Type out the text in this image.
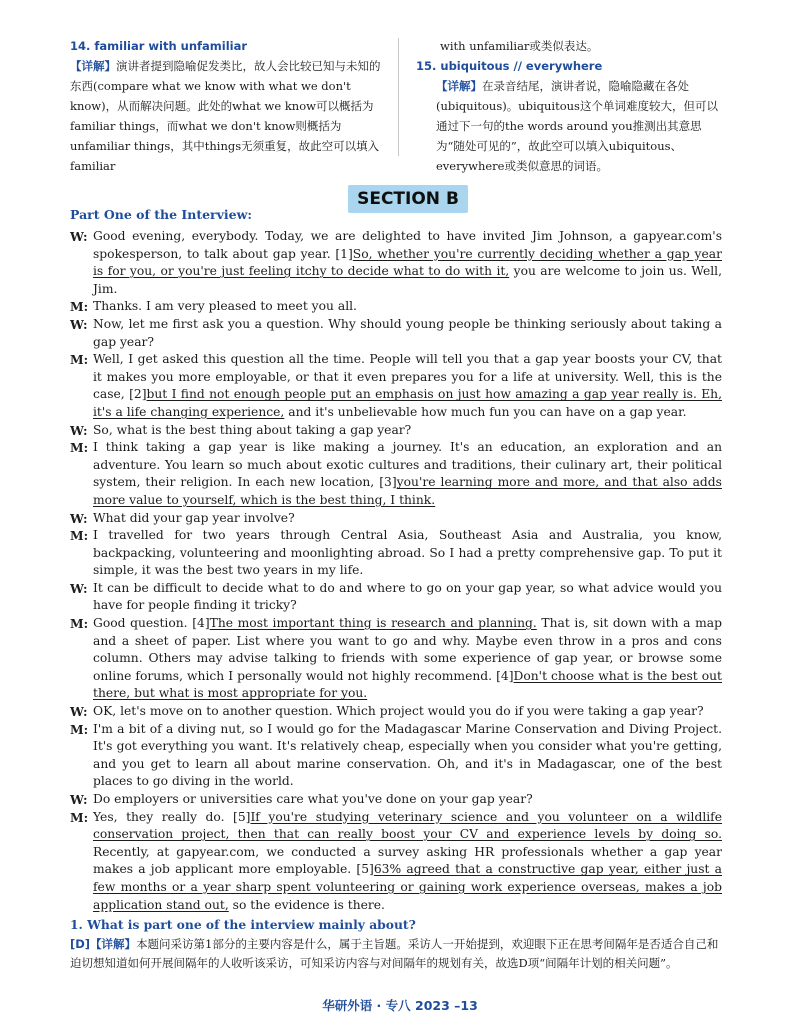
14. familiar with unfamiliar
【详解】演讲者提到隐喻促发类比，故人会比较已知与未知的东西(compare what we know with what we don't know)，从而解决问题。此处的what we know可以概括为familiar things，而what we don't know则概括为unfamiliar things，其中things无须重复，故此空可以填入familiar
with unfamiliar或类似表达。
15. ubiquitous // everywhere
【详解】在录音结尾，演讲者说，隐喻隐藏在各处(ubiquitous)。ubiquitous这个单词难度较大，但可以通过下一句的the words around you推测出其意思为“随处可见的”，故此空可以填入ubiquitous、everywhere或类似意思的词语。
SECTION B
Part One of the Interview:

W: Good evening, everybody. Today, we are delighted to have invited Jim Johnson, a gapyear.com's spokesperson, to talk about gap year. [1]So, whether you're currently deciding whether a gap year is for you, or you're just feeling itchy to decide what to do with it, you are welcome to join us. Well, Jim.

M: Thanks. I am very pleased to meet you all.

W: Now, let me first ask you a question. Why should young people be thinking seriously about taking a gap year?

M: Well, I get asked this question all the time. People will tell you that a gap year boosts your CV, that it makes you more employable, or that it even prepares you for a life at university. Well, this is the case, [2]but I find not enough people put an emphasis on just how amazing a gap year really is. Eh, it's a life changing experience, and it's unbelievable how much fun you can have on a gap year.

W: So, what is the best thing about taking a gap year?

M: I think taking a gap year is like making a journey. It's an education, an exploration and an adventure. You learn so much about exotic cultures and traditions, their culinary art, their political system, their religion. In each new location, [3]you're learning more and more, and that also adds more value to yourself, which is the best thing, I think.

W: What did your gap year involve?

M: I travelled for two years through Central Asia, Southeast Asia and Australia, you know, backpacking, volunteering and moonlighting abroad. So I had a pretty comprehensive gap. To put it simple, it was the best two years in my life.

W: It can be difficult to decide what to do and where to go on your gap year, so what advice would you have for people finding it tricky?

M: Good question. [4]The most important thing is research and planning. That is, sit down with a map and a sheet of paper. List where you want to go and why. Maybe even throw in a pros and cons column. Others may advise talking to friends with some experience of gap year, or browse some online forums, which I personally would not highly recommend. [4]Don't choose what is the best out there, but what is most appropriate for you.

W: OK, let's move on to another question. Which project would you do if you were taking a gap year?

M: I'm a bit of a diving nut, so I would go for the Madagascar Marine Conservation and Diving Project. It's got everything you want. It's relatively cheap, especially when you consider what you're getting, and you get to learn all about marine conservation. Oh, and it's in Madagascar, one of the best places to go diving in the world.

W: Do employers or universities care what you've done on your gap year?

M: Yes, they really do. [5]If you're studying veterinary science and you volunteer on a wildlife conservation project, then that can really boost your CV and experience levels by doing so. Recently, at gapyear.com, we conducted a survey asking HR professionals whether a gap year makes a job applicant more employable. [5]63% agreed that a constructive gap year, either just a few months or a year sharp spent volunteering or gaining work experience overseas, makes a job application stand out, so the evidence is there.

1. What is part one of the interview mainly about?
[D]【详解】本题问采访第1部分的主要内容是什么，属于主旨题。采访人一开始提到，欢迎眼下正在思考间隔年是否适合自己和迫切想知道如何开展间隔年的人收听该采访，可知采访内容与对间隔年的规划有关，故选D项“间隔年计划的相关问题”。
华研外语 · 专八 2023 –13
